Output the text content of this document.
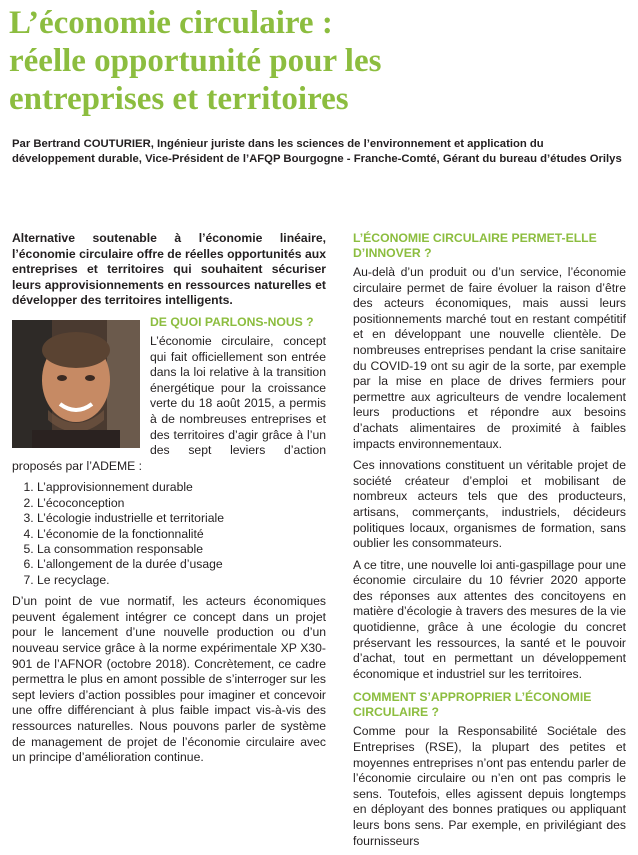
L’économie circulaire :
réelle opportunité pour les
entreprises et territoires

Par Bertrand COUTURIER, Ingénieur juriste dans les sciences de l’environnement et application du développement durable, Vice-Président de l’AFQP Bourgogne - Franche-Comté, Gérant du bureau d’études Orilys

Alternative soutenable à l’économie linéaire, l’économie circulaire offre de réelles opportunités aux entreprises et territoires qui souhaitent sécuriser leurs approvisionnements en ressources naturelles et développer des territoires intelligents.

DE QUOI PARLONS-NOUS ?

L’économie circulaire, concept qui fait officiellement son entrée dans la loi relative à la transition énergétique pour la croissance verte du 18 août 2015, a permis à de nombreuses entreprises et des territoires d’agir grâce à l’un des sept leviers d’action proposés par l’ADEME :

1. L’approvisionnement durable
2. L’écoconception
3. L’écologie industrielle et territoriale
4. L’économie de la fonctionnalité
5. La consommation responsable
6. L’allongement de la durée d’usage
7. Le recyclage.

D’un point de vue normatif, les acteurs économiques peuvent également intégrer ce concept dans un projet pour le lancement d’une nouvelle production ou d’un nouveau service grâce à la norme expérimentale XP X30-901 de l’AFNOR (octobre 2018). Concrètement, ce cadre permettra le plus en amont possible de s’interroger sur les sept leviers d’action possibles pour imaginer et concevoir une offre différenciant à plus faible impact vis-à-vis des ressources naturelles. Nous pouvons parler de système de management de projet de l’économie circulaire avec un principe d’amélioration continue.

L’ÉCONOMIE CIRCULAIRE PERMET-ELLE D’INNOVER ?

Au-delà d’un produit ou d’un service, l’économie circulaire permet de faire évoluer la raison d’être des acteurs économiques, mais aussi leurs positionnements marché tout en restant compétitif et en développant une nouvelle clientèle. De nombreuses entreprises pendant la crise sanitaire du COVID-19 ont su agir de la sorte, par exemple par la mise en place de drives fermiers pour permettre aux agriculteurs de vendre localement leurs productions et répondre aux besoins d’achats alimentaires de proximité à faibles impacts environnementaux.

Ces innovations constituent un véritable projet de société créateur d’emploi et mobilisant de nombreux acteurs tels que des producteurs, artisans, commerçants, industriels, décideurs politiques locaux, organismes de formation, sans oublier les consommateurs.

A ce titre, une nouvelle loi anti-gaspillage pour une économie circulaire du 10 février 2020 apporte des réponses aux attentes des concitoyens en matière d’écologie à travers des mesures de la vie quotidienne, grâce à une écologie du concret préservant les ressources, la santé et le pouvoir d’achat, tout en permettant un développement économique et industriel sur les territoires.

COMMENT S’APPROPRIER L’ÉCONOMIE CIRCULAIRE ?

Comme pour la Responsabilité Sociétale des Entreprises (RSE), la plupart des petites et moyennes entreprises n’ont pas entendu parler de l’économie circulaire ou n’en ont pas compris le sens. Toutefois, elles agissent depuis longtemps en déployant des bonnes pratiques ou appliquant leurs bons sens. Par exemple, en privilégiant des fournisseurs
